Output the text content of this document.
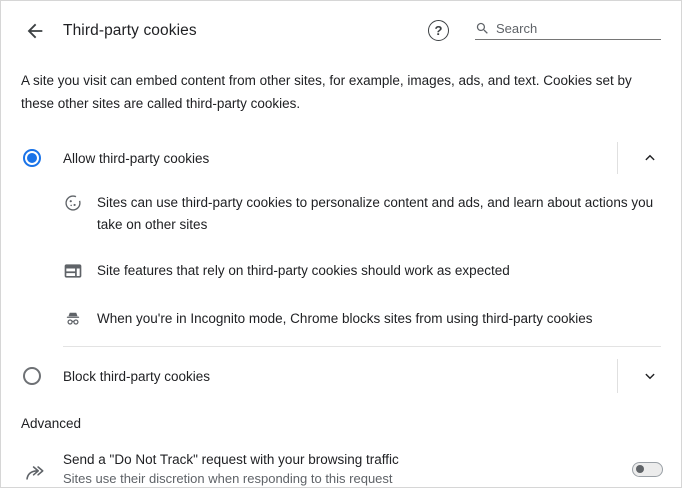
Third-party cookies	?
Search

A site you visit can embed content from other sites, for example, images, ads, and text. Cookies set by these other sites are called third-party cookies.

Allow third-party cookies
Sites can use third-party cookies to personalize content and ads, and learn about actions you take on other sites
Site features that rely on third-party cookies should work as expected
When you're in Incognito mode, Chrome blocks sites from using third-party cookies
Block third-party cookies
Advanced
Send a "Do Not Track" request with your browsing traffic
Sites use their discretion when responding to this request
